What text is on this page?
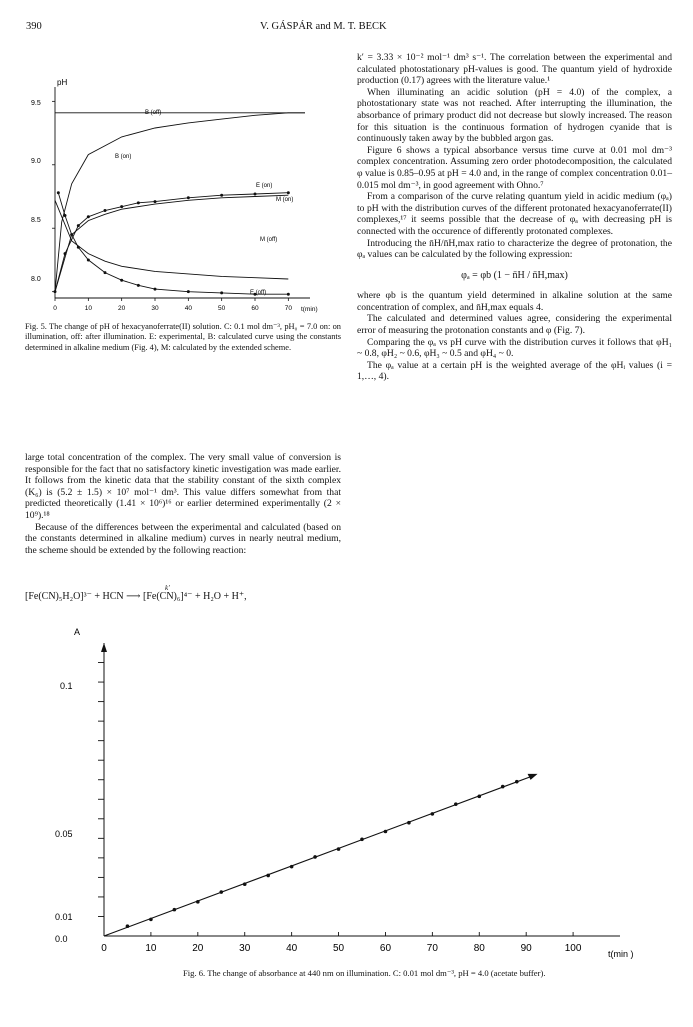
390	V. GÁSPÁR and M. T. BECK
0	10	20	30	40	50	60	70
pH
9.5
9.0
8.5
8.0
t(min)
B (off)
B (on)
E (on)
M (on)
M (off)
E (off)
Fig. 5. The change of pH of hexacyanoferrate(II) solution. C: 0.1 mol dm⁻³, pH₀ = 7.0 on: on illumination, off: after illumination. E: experimental, B: calculated curve using the constants determined in alkaline medium (Fig. 4), M: calculated by the extended scheme.

large total concentration of the complex. The very small value of conversion is responsible for the fact that no satisfactory kinetic investigation was made earlier. It follows from the kinetic data that the stability constant of the sixth complex (K₆) is (5.2 ± 1.5) × 10⁷ mol⁻¹ dm³. This value differs somewhat from that predicted theoretically (1.41 × 10⁶)¹⁶ or earlier determined experimentally (2 × 10⁹).¹⁸

Because of the differences between the experimental and calculated (based on the constants determined in alkaline medium) curves in nearly neutral medium, the scheme should be extended by the following reaction:

[Fe(CN)₅H₂O]³⁻ + HCN ⟶ [Fe(CN)₆]⁴⁻ + H₂O + H⁺,
k′

k′ = 3.33 × 10⁻² mol⁻¹ dm³ s⁻¹. The correlation between the experimental and calculated photostationary pH-values is good. The quantum yield of hydroxide production (0.17) agrees with the literature value.¹

When illuminating an acidic solution (pH = 4.0) of the complex, a photostationary state was not reached. After interrupting the illumination, the absorbance of primary product did not decrease but slowly increased. The reason for this situation is the continuous formation of hydrogen cyanide that is continuously taken away by the bubbled argon gas.

Figure 6 shows a typical absorbance versus time curve at 0.01 mol dm⁻³ complex concentration. Assuming zero order photodecomposition, the calculated φ value is 0.85–0.95 at pH = 4.0 and, in the range of complex concentration 0.01–0.015 mol dm⁻³, in good agreement with Ohno.⁷

From a comparison of the curve relating quantum yield in acidic medium (φₐ) to pH with the distribution curves of the different protonated hexacyanoferrate(II) complexes,¹⁷ it seems possible that the decrease of φₐ with decreasing pH is connected with the occurence of differently protonated complexes.

Introducing the n̄H/n̄H,max ratio to characterize the degree of protonation, the φₐ values can be calculated by the following expression:

φₐ = φb (1 − n̄H / n̄H,max)

where φb is the quantum yield determined in alkaline solution at the same concentration of complex, and n̄H,max equals 4.

The calculated and determined values agree, considering the experimental error of measuring the protonation constants and φ (Fig. 7).

Comparing the φₐ vs pH curve with the distribution curves it follows that φH₁ ~ 0.8, φH₂ ~ 0.6, φH₃ ~ 0.5 and φH₄ ~ 0.

The φₐ value at a certain pH is the weighted average of the φHᵢ values (i = 1,…, 4).

0	10	20	30	40	50	60	70	80	90	100
A
0.1
0.05
0.01
0.0
t(min )
Fig. 6. The change of absorbance at 440 nm on illumination. C: 0.01 mol dm⁻³, pH = 4.0 (acetate buffer).
